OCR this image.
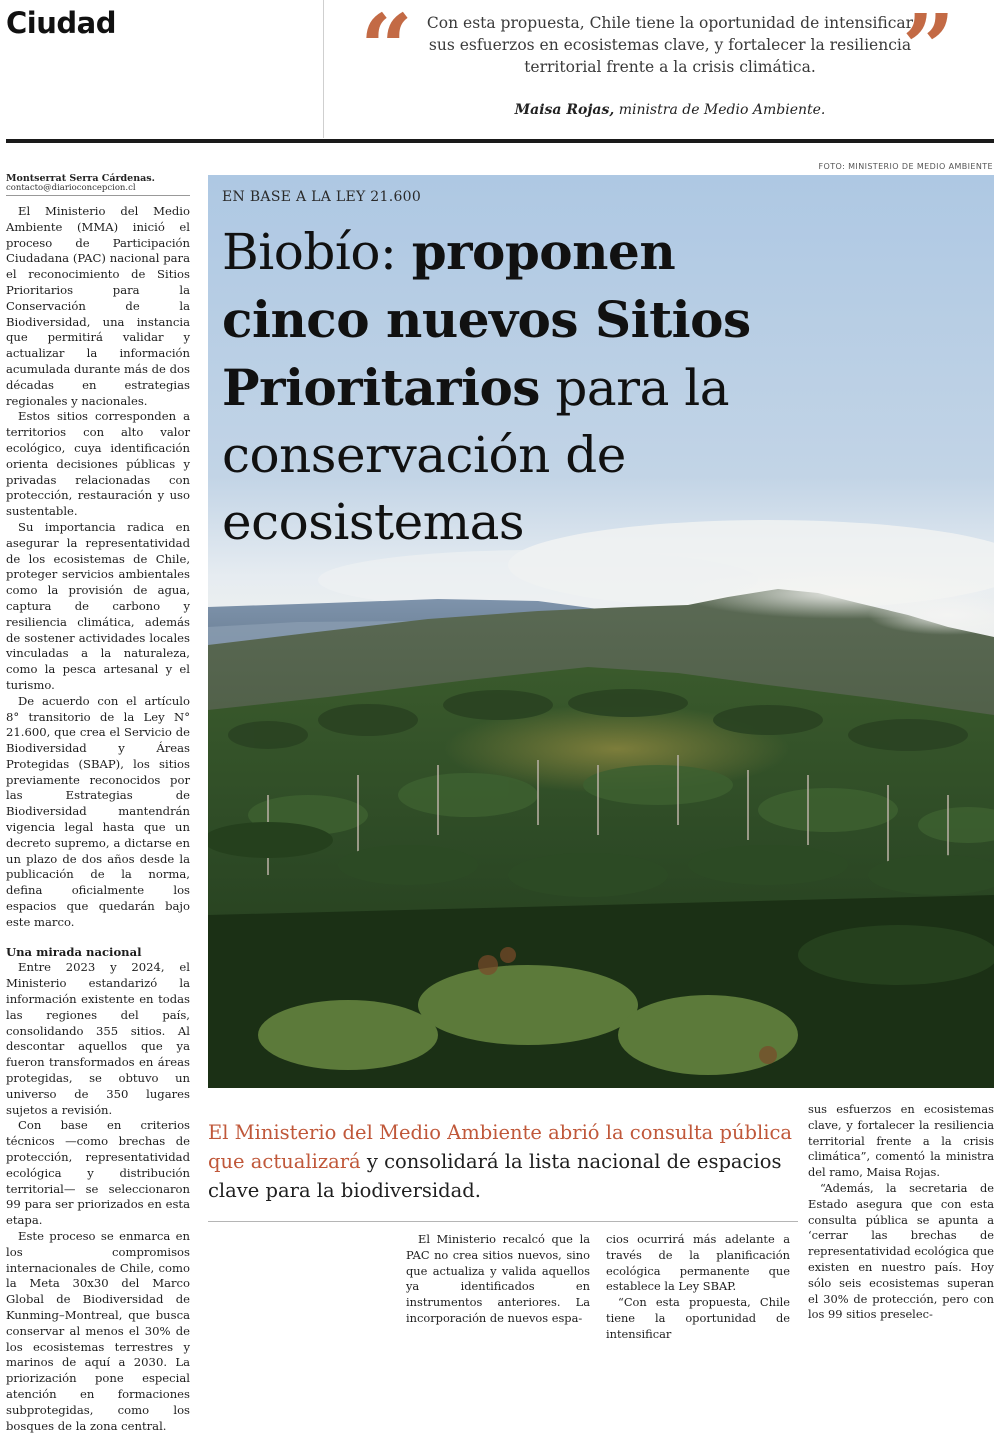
Ciudad	“	”
Con esta propuesta, Chile tiene la oportunidad de intensificar sus esfuerzos en ecosistemas clave, y fortalecer la resiliencia territorial frente a la crisis climática.
Maisa Rojas, ministra de Medio Ambiente.
FOTO: MINISTERIO DE MEDIO AMBIENTE
Montserrat Serra Cárdenas.
contacto@diarioconcepcion.cl

El Ministerio del Medio Ambiente (MMA) inició el proceso de Participación Ciudadana (PAC) nacional para el reconocimiento de Sitios Prioritarios para la Conservación de la Biodiversidad, una instancia que permitirá validar y actualizar la información acumulada durante más de dos décadas en estrategias regionales y nacionales.

Estos sitios corresponden a territorios con alto valor ecológico, cuya identificación orienta decisiones públicas y privadas relacionadas con protección, restauración y uso sustentable.

Su importancia radica en asegurar la representatividad de los ecosistemas de Chile, proteger servicios ambientales como la provisión de agua, captura de carbono y resiliencia climática, además de sostener actividades locales vinculadas a la naturaleza, como la pesca artesanal y el turismo.

De acuerdo con el artículo 8° transitorio de la Ley N° 21.600, que crea el Servicio de Biodiversidad y Áreas Protegidas (SBAP), los sitios previamente reconocidos por las Estrategias de Biodiversidad mantendrán vigencia legal hasta que un decreto supremo, a dictarse en un plazo de dos años desde la publicación de la norma, defina oficialmente los espacios que quedarán bajo este marco.

Una mirada nacional

Entre 2023 y 2024, el Ministerio estandarizó la información existente en todas las regiones del país, consolidando 355 sitios. Al descontar aquellos que ya fueron transformados en áreas protegidas, se obtuvo un universo de 350 lugares sujetos a revisión.

Con base en criterios técnicos —como brechas de protección, representatividad ecológica y distribución territorial— se seleccionaron 99 para ser priorizados en esta etapa.

Este proceso se enmarca en los compromisos internacionales de Chile, como la Meta 30x30 del Marco Global de Biodiversidad de Kunming–Montreal, que busca conservar al menos el 30% de los ecosistemas terrestres y marinos de aquí a 2030. La priorización pone especial atención en formaciones subprotegidas, como los bosques de la zona central.

EN BASE A LA LEY 21.600
Biobío: proponen cinco nuevos Sitios Prioritarios para la conservación de ecosistemas
El Ministerio del Medio Ambiente abrió la consulta pública que actualizará y consolidará la lista nacional de espacios clave para la biodiversidad.

El Ministerio recalcó que la PAC no crea sitios nuevos, sino que actualiza y valida aquellos ya identificados en instrumentos anteriores. La incorporación de nuevos espa-

cios ocurrirá más adelante a través de la planificación ecológica permanente que establece la Ley SBAP.

“Con esta propuesta, Chile tiene la oportunidad de intensificar

sus esfuerzos en ecosistemas clave, y fortalecer la resiliencia territorial frente a la crisis climática”, comentó la ministra del ramo, Maisa Rojas.

“Además, la secretaria de Estado asegura que con esta consulta pública se apunta a ‘cerrar las brechas de representatividad ecológica que existen en nuestro país. Hoy sólo seis ecosistemas superan el 30% de protección, pero con los 99 sitios preselec-
